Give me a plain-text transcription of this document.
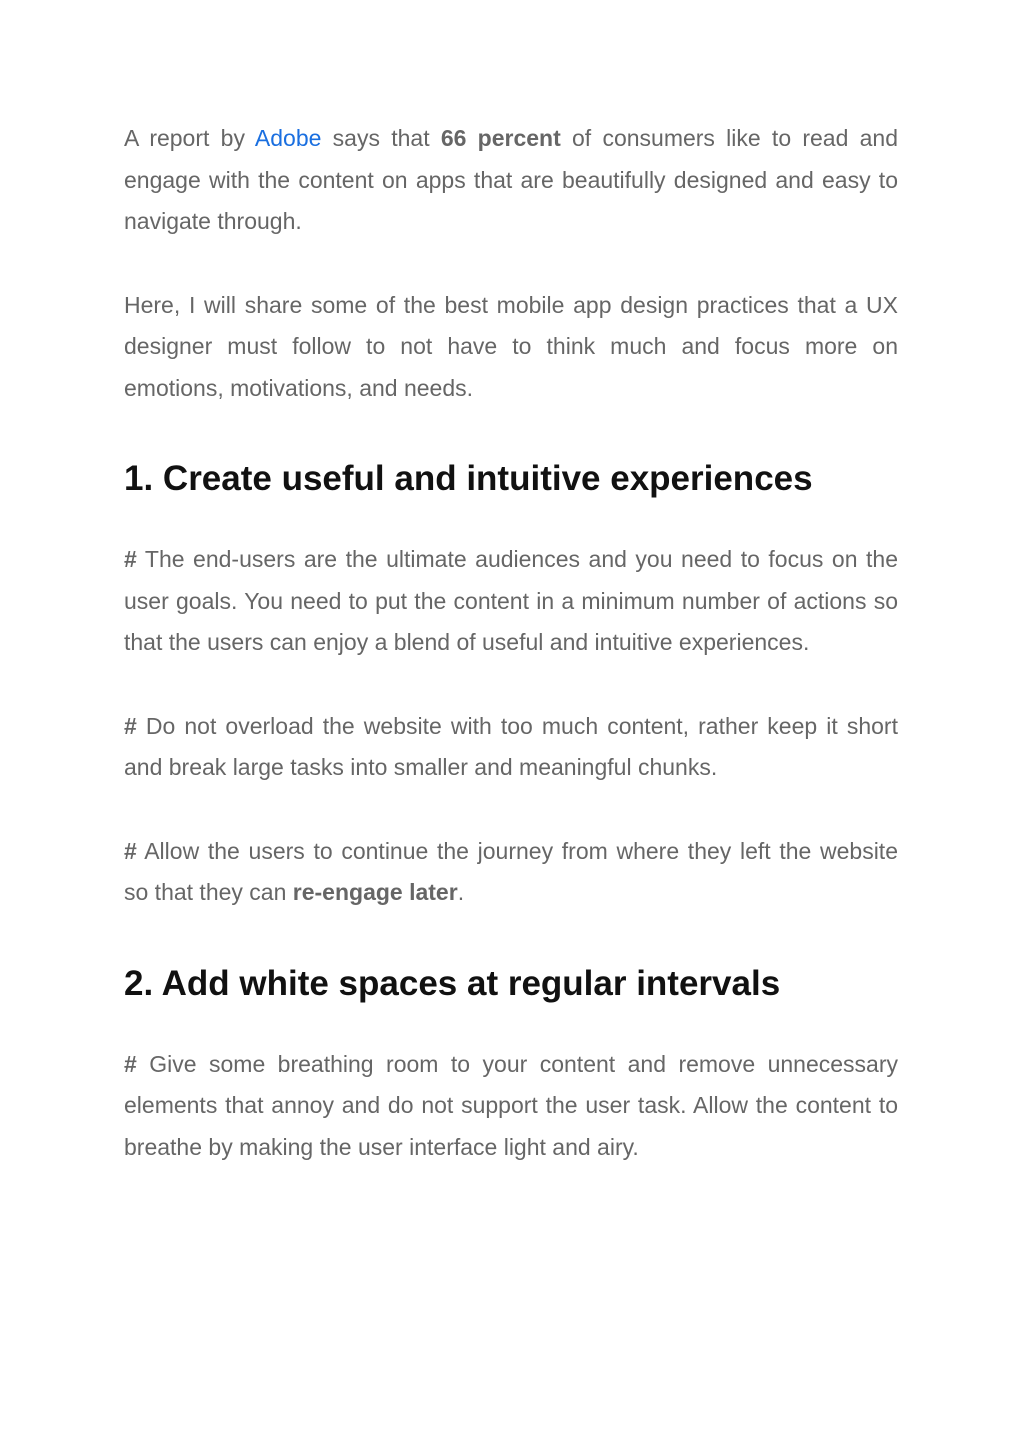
A report by Adobe says that 66 percent of consumers like to read and engage with the content on apps that are beautifully designed and easy to navigate through.

Here, I will share some of the best mobile app design practices that a UX designer must follow to not have to think much and focus more on emotions, motivations, and needs.

1. Create useful and intuitive experiences

# The end-users are the ultimate audiences and you need to focus on the user goals. You need to put the content in a minimum number of actions so that the users can enjoy a blend of useful and intuitive experiences.

# Do not overload the website with too much content, rather keep it short and break large tasks into smaller and meaningful chunks.

# Allow the users to continue the journey from where they left the website so that they can re-engage later.

2. Add white spaces at regular intervals

# Give some breathing room to your content and remove unnecessary elements that annoy and do not support the user task. Allow the content to breathe by making the user interface light and airy.
